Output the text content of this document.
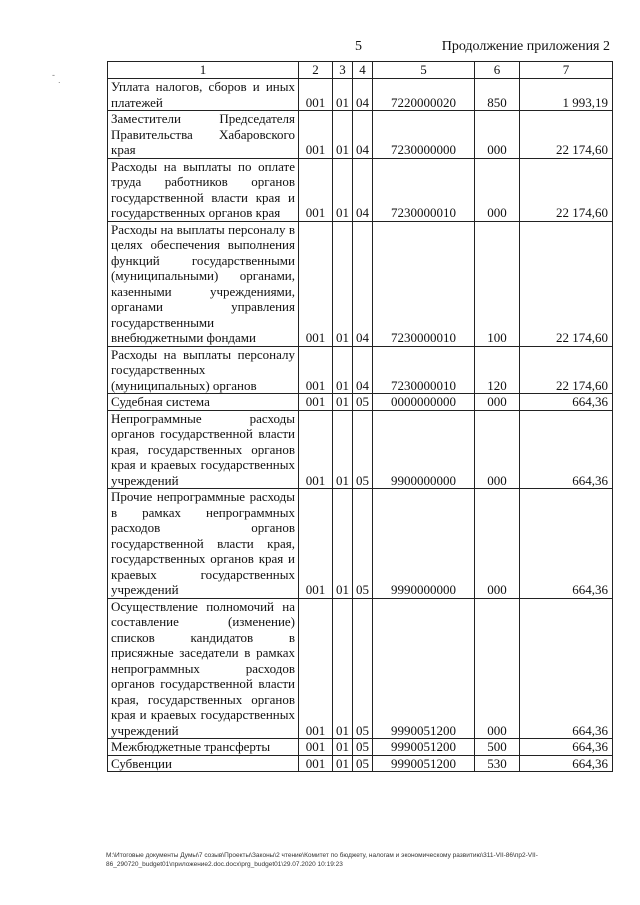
5	Продолжение приложения 2
- .
1	2	3	4	5	6	7
Уплата налогов, сборов и иных платежей	001	01	04	7220000020	850	1 993,19
Заместители Председателя Правительства Хабаровского края	001	01	04	7230000000	000	22 174,60
Расходы на выплаты по оплате труда работников органов государственной власти края и государственных органов края	001	01	04	7230000010	000	22 174,60
Расходы на выплаты персоналу в целях обеспечения выполнения функций государственными (муниципальными) органами, казенными учреждениями, органами управления государственными внебюджетными фондами	001	01	04	7230000010	100	22 174,60
Расходы на выплаты персоналу государственных (муниципальных) органов	001	01	04	7230000010	120	22 174,60
Судебная система	001	01	05	0000000000	000	664,36
Непрограммные расходы органов государственной власти края, государственных органов края и краевых государственных учреждений	001	01	05	9900000000	000	664,36
Прочие непрограммные расходы в рамках непрограммных расходов органов государственной власти края, государственных органов края и краевых государственных учреждений	001	01	05	9990000000	000	664,36
Осуществление полномочий на составление (изменение) списков кандидатов в присяжные заседатели в рамках непрограммных расходов органов государственной власти края, государственных органов края и краевых государственных учреждений	001	01	05	9990051200	000	664,36
Межбюджетные трансферты	001	01	05	9990051200	500	664,36
Субвенции	001	01	05	9990051200	530	664,36
М:\Итоговые документы Думы\7 созыв\Проекты\Законы\2 чтение\Комитет по бюджету, налогам и экономическому развитию\311-VII-86\пр2-VII-86_290720_budget01\приложение2.doc.docx\prg_budget01\29.07.2020 10:19:23
